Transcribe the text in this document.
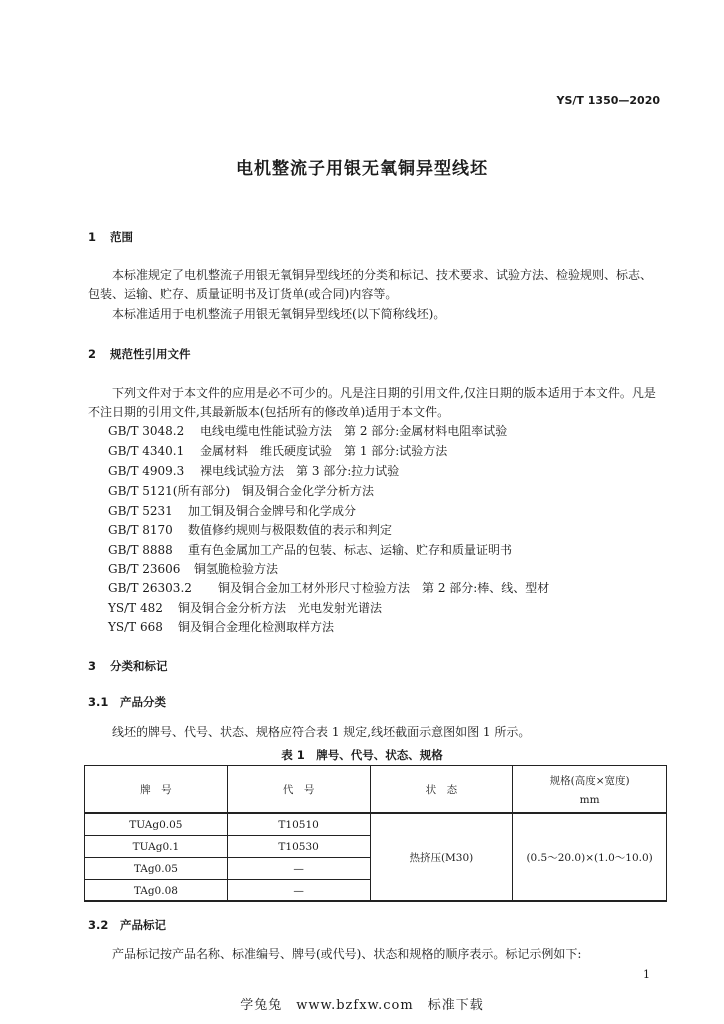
YS/T 1350—2020
电机整流子用银无氧铜异型线坯
1 范围
本标准规定了电机整流子用银无氧铜异型线坯的分类和标记、技术要求、试验方法、检验规则、标志、包装、运输、贮存、质量证明书及订货单(或合同)内容等。
本标准适用于电机整流子用银无氧铜异型线坯(以下简称线坯)。
2 规范性引用文件
下列文件对于本文件的应用是必不可少的。凡是注日期的引用文件,仅注日期的版本适用于本文件。凡是不注日期的引用文件,其最新版本(包括所有的修改单)适用于本文件。
GB/T 3048.2 电线电缆电性能试验方法　第 2 部分:金属材料电阻率试验
GB/T 4340.1 金属材料　维氏硬度试验　第 1 部分:试验方法
GB/T 4909.3 裸电线试验方法　第 3 部分:拉力试验
GB/T 5121(所有部分) 铜及铜合金化学分析方法
GB/T 5231 加工铜及铜合金牌号和化学成分
GB/T 8170 数值修约规则与极限数值的表示和判定
GB/T 8888 重有色金属加工产品的包装、标志、运输、贮存和质量证明书
GB/T 23606 铜氢脆检验方法
GB/T 26303.2 铜及铜合金加工材外形尺寸检验方法　第 2 部分:棒、线、型材
YS/T 482 铜及铜合金分析方法　光电发射光谱法
YS/T 668 铜及铜合金理化检测取样方法
3 分类和标记
3.1 产品分类
线坯的牌号、代号、状态、规格应符合表 1 规定,线坯截面示意图如图 1 所示。
表 1　牌号、代号、状态、规格
牌　号	代　号	状　态	规格(高度×宽度)
mm

TUAg0.05	T10510	热挤压(M30)	(0.5～20.0)×(1.0～10.0)
TUAg0.1	T10530		
TAg0.05	—		
TAg0.08	—		
3.2 产品标记
产品标记按产品名称、标准编号、牌号(或代号)、状态和规格的顺序表示。标记示例如下:
1
学兔兔　www.bzfxw.com　标准下载
